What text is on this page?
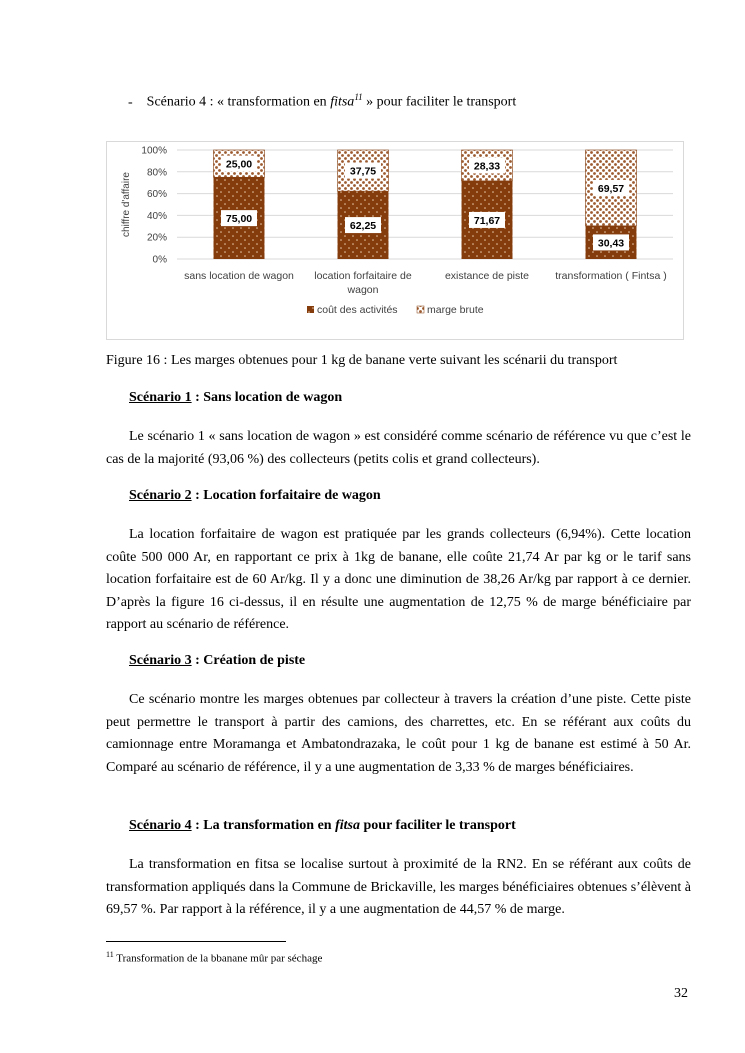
- Scénario 4 : « transformation en fitsa$^{11}$ » pour faciliter le transport
0%
20%
40%
60%
80%
100%
chiffre d'affaire	75,00
25,00
sans location de wagon
62,25
37,75
location forfaitaire de
wagon
71,67
28,33
existance de piste
30,43
69,57
transformation ( Fintsa )
coût des activités	marge brute
Figure 16 : Les marges obtenues pour 1 kg de banane verte suivant les scénarii du transport
Scénario 1 : Sans location de wagon
Le scénario 1 « sans location de wagon » est considéré comme scénario de référence vu que c’est le cas de la majorité (93,06 %) des collecteurs (petits colis et grand collecteurs).
Scénario 2 : Location forfaitaire de wagon
La location forfaitaire de wagon est pratiquée par les grands collecteurs (6,94%). Cette location coûte 500 000 Ar, en rapportant ce prix à 1kg de banane, elle coûte 21,74 Ar par kg or le tarif sans location forfaitaire est de 60 Ar/kg. Il y a donc une diminution de 38,26 Ar/kg par rapport à ce dernier. D’après la figure 16 ci-dessus, il en résulte une augmentation de 12,75 % de marge bénéficiaire par rapport au scénario de référence.
Scénario 3 : Création de piste
Ce scénario montre les marges obtenues par collecteur à travers la création d’une piste. Cette piste peut permettre le transport à partir des camions, des charrettes, etc. En se référant aux coûts du camionnage entre Moramanga et Ambatondrazaka, le coût pour 1 kg de banane est estimé à 50 Ar. Comparé au scénario de référence, il y a une augmentation de 3,33 % de marges bénéficiaires.
Scénario 4 : La transformation en fitsa pour faciliter le transport
La transformation en fitsa se localise surtout à proximité de la RN2. En se référant aux coûts de transformation appliqués dans la Commune de Brickaville, les marges bénéficiaires obtenues s’élèvent à 69,57 %. Par rapport à la référence, il y a une augmentation de 44,57 % de marge.
$^{11}$ Transformation de la bbanane mûr par séchage
32
